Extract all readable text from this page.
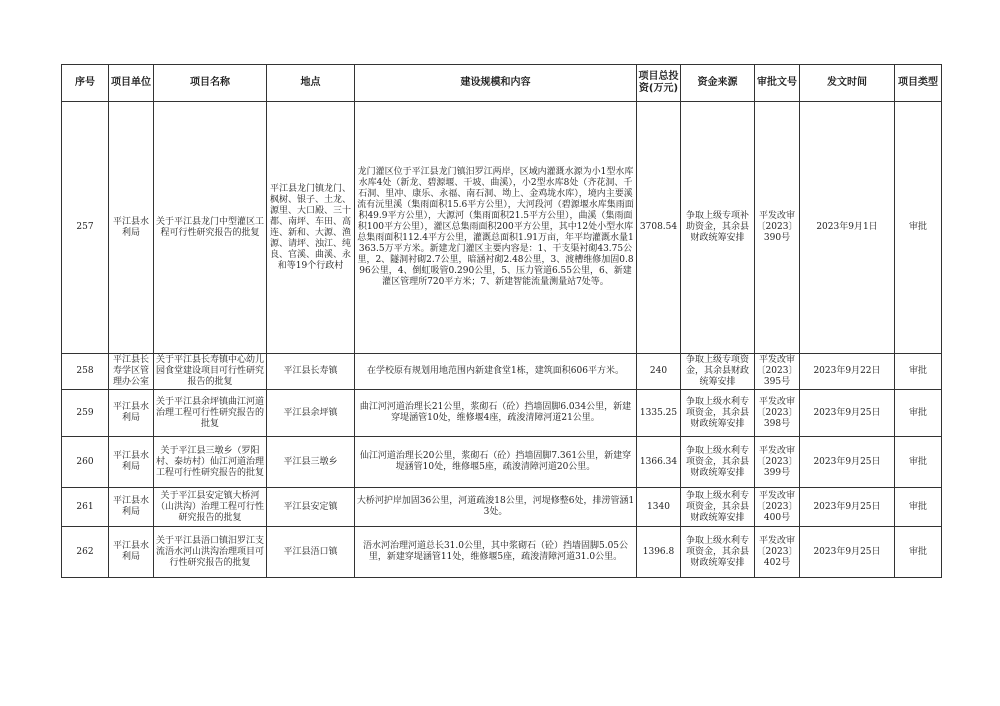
序号	项目单位	项目名称	地点	建设规模和内容	项目总投资(万元)	资金来源	审批文号	发文时间	项目类型
257	平江县水利局	关于平江县龙门中型灌区工程可行性研究报告的批复	平江县龙门镇龙门、枫树、银子、土龙、源里、大口殿、三十都、南坪、车田、高连、新和、大源、渔源、请坪、浊江、纯良、官溪、曲溪、永和等19个行政村	龙门灌区位于平江县龙门镇汨罗江两岸，区域内灌溉水源为小1型水库水库4处（新龙、碧源堰、干坡、曲溪），小2型水库8处（齐花洞、千石洞、里冲、康乐、永福、南石洞、坳上、金鸡垅水库），境内主要溪流有沅里溪（集雨面积15.6平方公里），大河段河（碧源堰水库集雨面积49.9平方公里），大源河（集雨面积21.5平方公里），曲溪（集雨面积100平方公里），灌区总集雨面积200平方公里，其中12处小型水库总集雨面积112.4平方公里，灌溉总面积1.91万亩，年平均灌溉水量1363.5万平方米。新建龙门灌区主要内容是：1、干支渠衬砌43.75公里，2、隧洞衬砌2.7公里，暗涵衬砌2.48公里，3、渡槽维修加固0.896公里，4、倒虹吸管0.290公里，5、压力管道6.55公里，6、新建灌区管理所720平方米；7、新建智能流量测量站7处等。	3708.54	争取上级专项补助资金，其余县财政统筹安排	平发改审〔2023〕390号	2023年9月1日	审批
258	平江县长寿学区管理办公室	关于平江县长寿镇中心幼儿园食堂建设项目可行性研究报告的批复	平江县长寿镇	在学校原有规划用地范围内新建食堂1栋，建筑面积606平方米。	240	争取上级专项资金，其余县财政统筹安排	平发改审〔2023〕395号	2023年9月22日	审批
259	平江县水利局	关于平江县余坪镇曲江河道治理工程可行性研究报告的批复	平江县余坪镇	曲江河河道治理长21公里，浆砌石（砼）挡墙固脚6.034公里，新建穿堤涵管10处，维修堰4座，疏浚清障河道21公里。	1335.25	争取上级水利专项资金，其余县财政统筹安排	平发改审〔2023〕398号	2023年9月25日	审批
260	平江县水利局	关于平江县三墩乡（罗阳村、泰坊村）仙江河道治理工程可行性研究报告的批复	平江县三墩乡	仙江河道治理长20公里，浆砌石（砼）挡墙固脚7.361公里，新建穿堤涵管10处，维修堰5座，疏浚清障河道20公里。	1366.34	争取上级水利专项资金，其余县财政统筹安排	平发改审〔2023〕399号	2023年9月25日	审批
261	平江县水利局	关于平江县安定镇大桥河（山洪沟）治理工程可行性研究报告的批复	平江县安定镇	大桥河护岸加固36公里，河道疏浚18公里，河堤修整6处，排涝管涵13处。	1340	争取上级水利专项资金，其余县财政统筹安排	平发改审〔2023〕400号	2023年9月25日	审批
262	平江县水利局	关于平江县浯口镇汨罗江支流浯水河山洪沟治理项目可行性研究报告的批复	平江县浯口镇	浯水河治理河道总长31.0公里，其中浆砌石（砼）挡墙固脚5.05公里，新建穿堤涵管11处，维修堰5座，疏浚清障河道31.0公里。	1396.8	争取上级水利专项资金，其余县财政统筹安排	平发改审〔2023〕402号	2023年9月25日	审批
